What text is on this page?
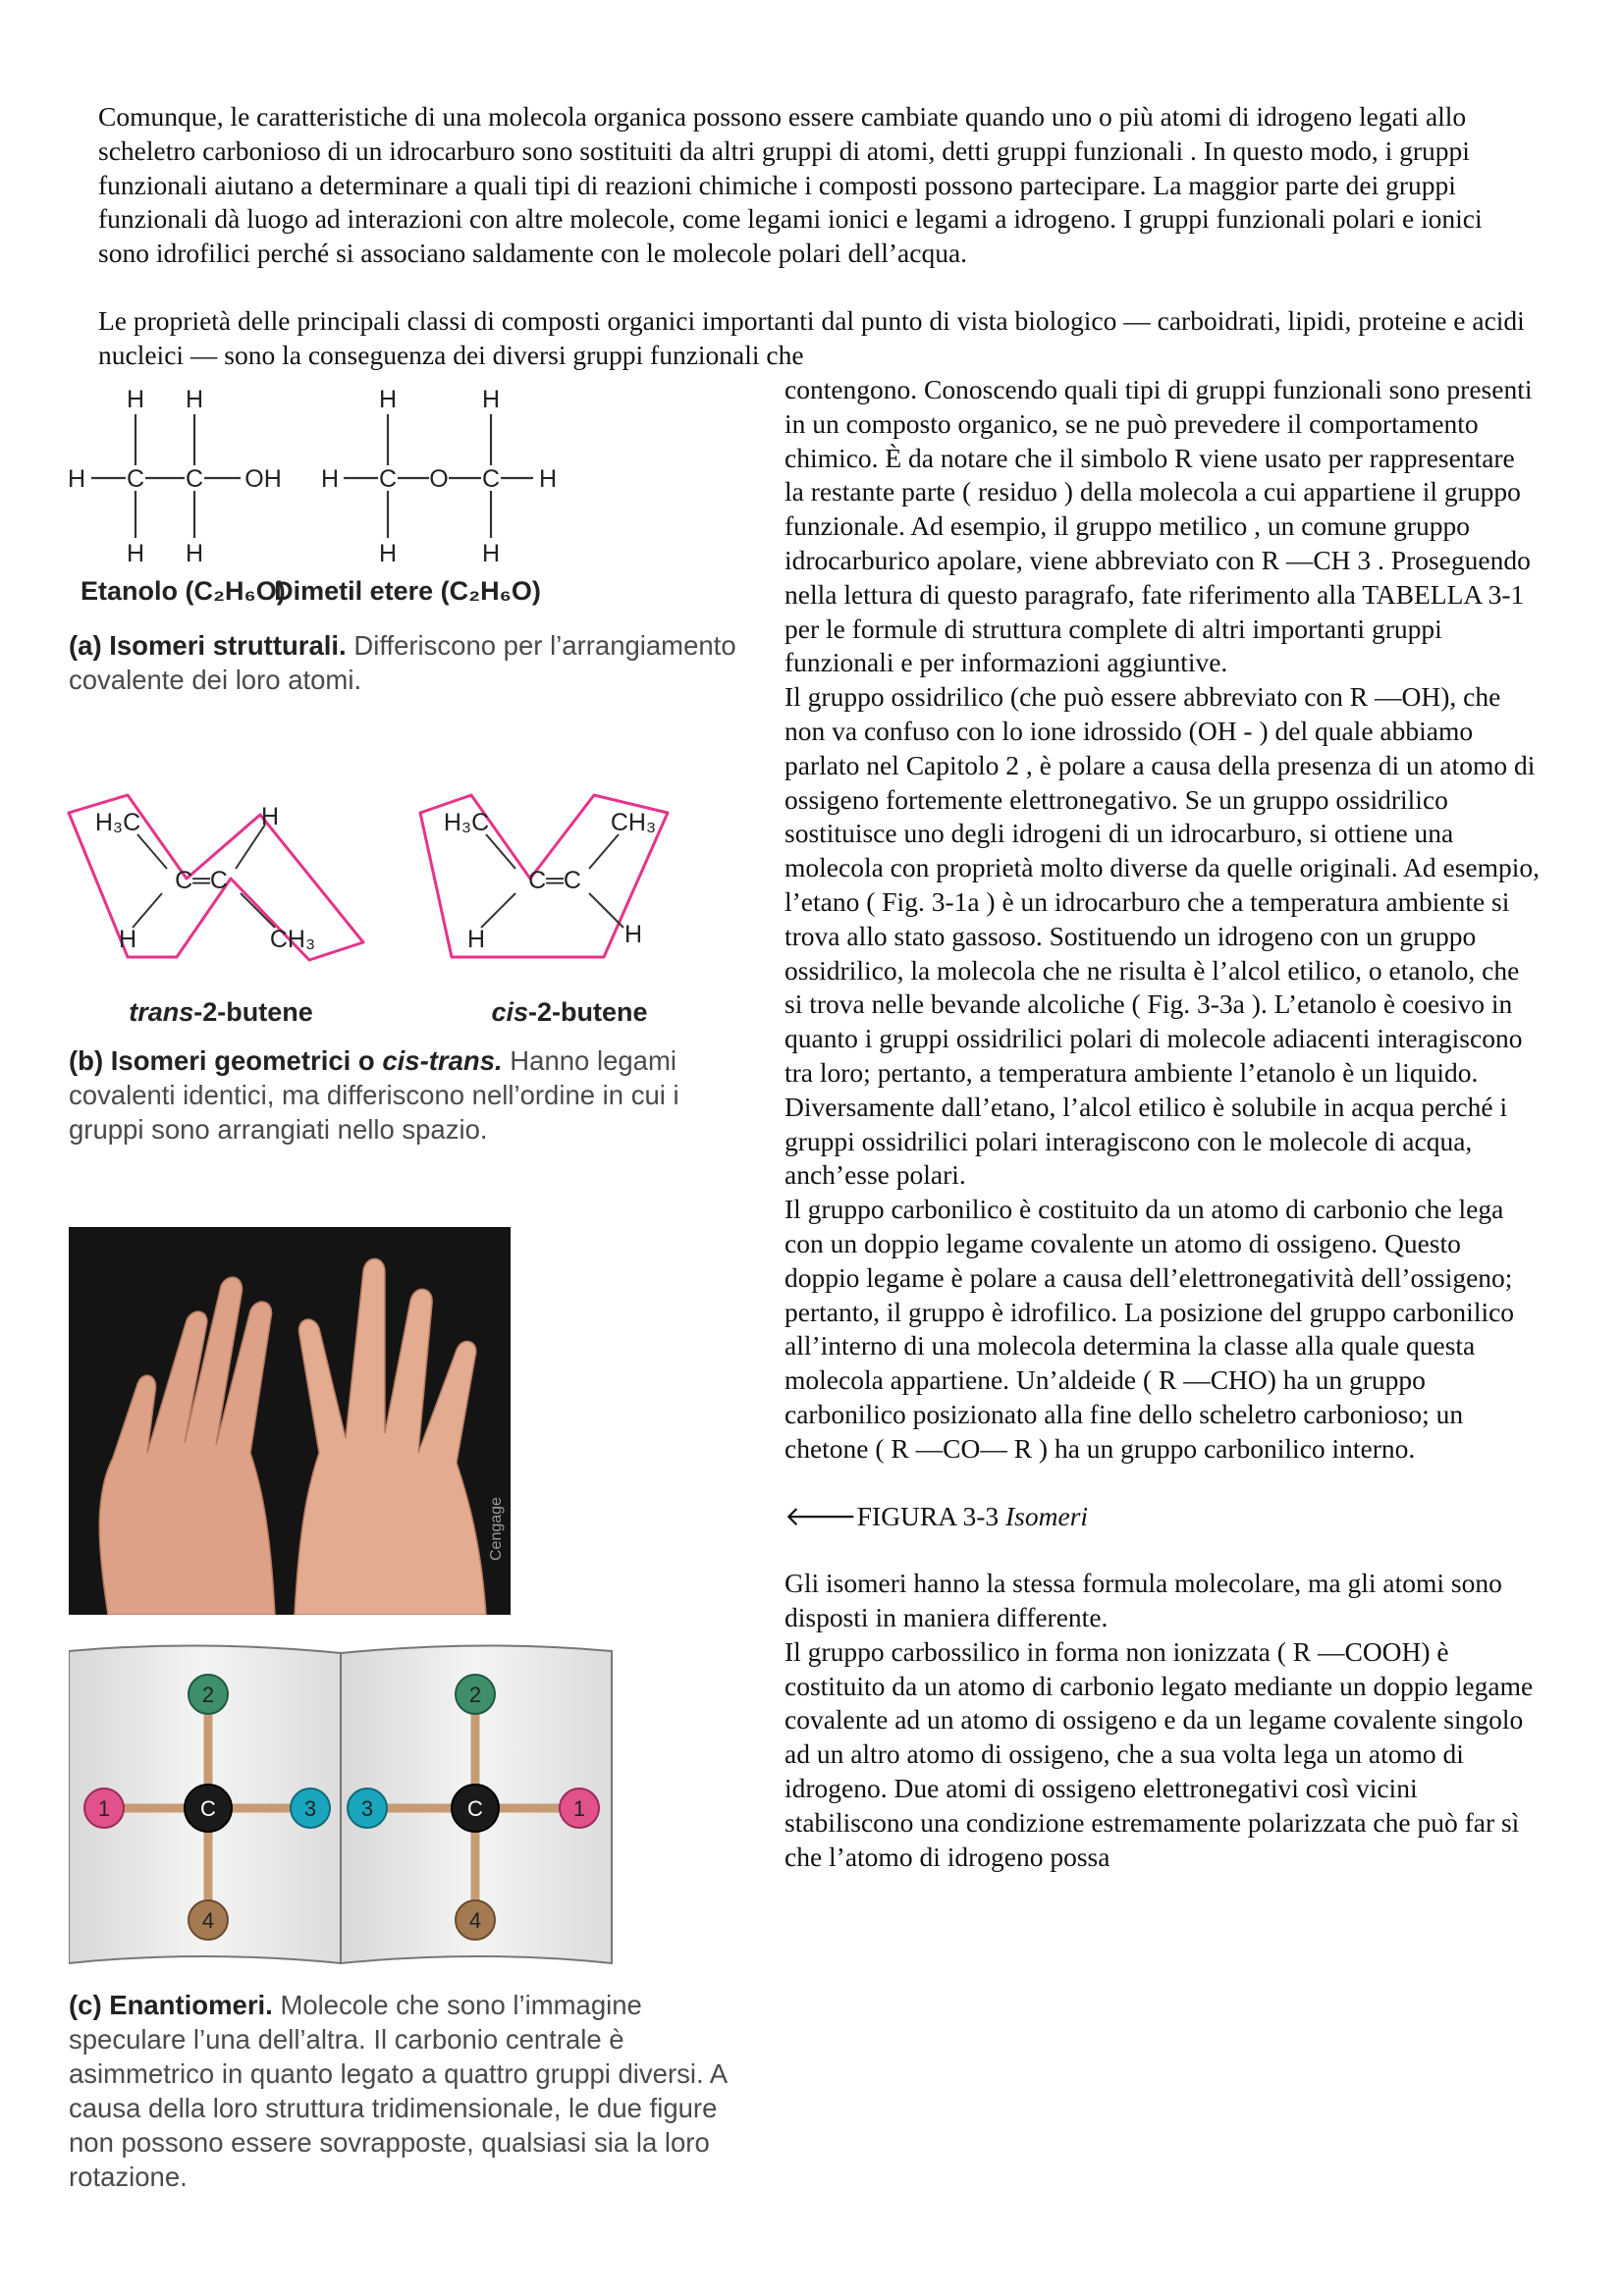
Comunque, le caratteristiche di una molecola organica possono essere cambiate quando uno o più atomi di idrogeno legati allo scheletro carbonioso di un idrocarburo sono sostituiti da altri gruppi di atomi, detti gruppi funzionali . In questo modo, i gruppi funzionali aiutano a determinare a quali tipi di reazioni chimiche i composti possono partecipare. La maggior parte dei gruppi funzionali dà luogo ad interazioni con altre molecole, come legami ionici e legami a idrogeno. I gruppi funzionali polari e ionici sono idrofilici perché si associano saldamente con le molecole polari dell’acqua.

Le proprietà delle principali classi di composti organici importanti dal punto di vista biologico — carboidrati, lipidi, proteine e acidi nucleici — sono la conseguenza dei diversi gruppi funzionali che

contengono. Conoscendo quali tipi di gruppi funzionali sono presenti in un composto organico, se ne può prevedere il comportamento chimico. È da notare che il simbolo R viene usato per rappresentare la restante parte ( residuo ) della molecola a cui appartiene il gruppo funzionale. Ad esempio, il gruppo metilico , un comune gruppo idrocarburico apolare, viene abbreviato con R —CH 3 . Proseguendo nella lettura di questo paragrafo, fate riferimento alla TABELLA 3-1 per le formule di struttura complete di altri importanti gruppi funzionali e per informazioni aggiuntive.

Il gruppo ossidrilico (che può essere abbreviato con R —OH), che non va confuso con lo ione idrossido (OH - ) del quale abbiamo parlato nel Capitolo 2 , è polare a causa della presenza di un atomo di ossigeno fortemente elettronegativo. Se un gruppo ossidrilico sostituisce uno degli idrogeni di un idrocarburo, si ottiene una molecola con proprietà molto diverse da quelle originali. Ad esempio, l’etano ( Fig. 3-1a ) è un idrocarburo che a temperatura ambiente si trova allo stato gassoso. Sostituendo un idrogeno con un gruppo ossidrilico, la molecola che ne risulta è l’alcol etilico, o etanolo, che si trova nelle bevande alcoliche ( Fig. 3-3a ). L’etanolo è coesivo in quanto i gruppi ossidrilici polari di molecole adiacenti interagiscono tra loro; pertanto, a temperatura ambiente l’etanolo è un liquido. Diversamente dall’etano, l’alcol etilico è solubile in acqua perché i gruppi ossidrilici polari interagiscono con le molecole di acqua, anch’esse polari.

Il gruppo carbonilico è costituito da un atomo di carbonio che lega con un doppio legame covalente un atomo di ossigeno. Questo doppio legame è polare a causa dell’elettronegatività dell’ossigeno; pertanto, il gruppo è idrofilico. La posizione del gruppo carbonilico all’interno di una molecola determina la classe alla quale questa molecola appartiene. Un’aldeide ( R —CHO) ha un gruppo carbonilico posizionato alla fine dello scheletro carbonioso; un chetone ( R —CO— R ) ha un gruppo carbonilico interno.

🡐FIGURA 3-3 Isomeri

Gli isomeri hanno la stessa formula molecolare, ma gli atomi sono disposti in maniera differente.

Il gruppo carbossilico in forma non ionizzata ( R —COOH) è costituito da un atomo di carbonio legato mediante un doppio legame covalente ad un atomo di ossigeno e da un legame covalente singolo ad un altro atomo di ossigeno, che a sua volta lega un atomo di idrogeno. Due atomi di ossigeno elettronegativi così vicini stabiliscono una condizione estremamente polarizzata che può far sì che l’atomo di idrogeno possa

H C C OH
H H
H H
H C O C H
H	H
H	H
Etanolo (C₂H₆O)
Dimetil etere (C₂H₆O)
(a) Isomeri strutturali. Differiscono per l’arrangiamento covalente dei loro atomi.
H₃C	H
C═C
H	CH₃
trans-2-butene
H₃C	CH₃
C═C
H	H
cis-2-butene
(b) Isomeri geometrici o cis-trans. Hanno legami covalenti identici, ma differiscono nell’ordine in cui i gruppi sono arrangiati nello spazio.
Cengage
2
1	C	3
4
2
3	C	1
4
(c) Enantiomeri. Molecole che sono l’immagine speculare l’una dell’altra. Il carbonio centrale è asimmetrico in quanto legato a quattro gruppi diversi. A causa della loro struttura tridimensionale, le due figure non possono essere sovrapposte, qualsiasi sia la loro rotazione.
